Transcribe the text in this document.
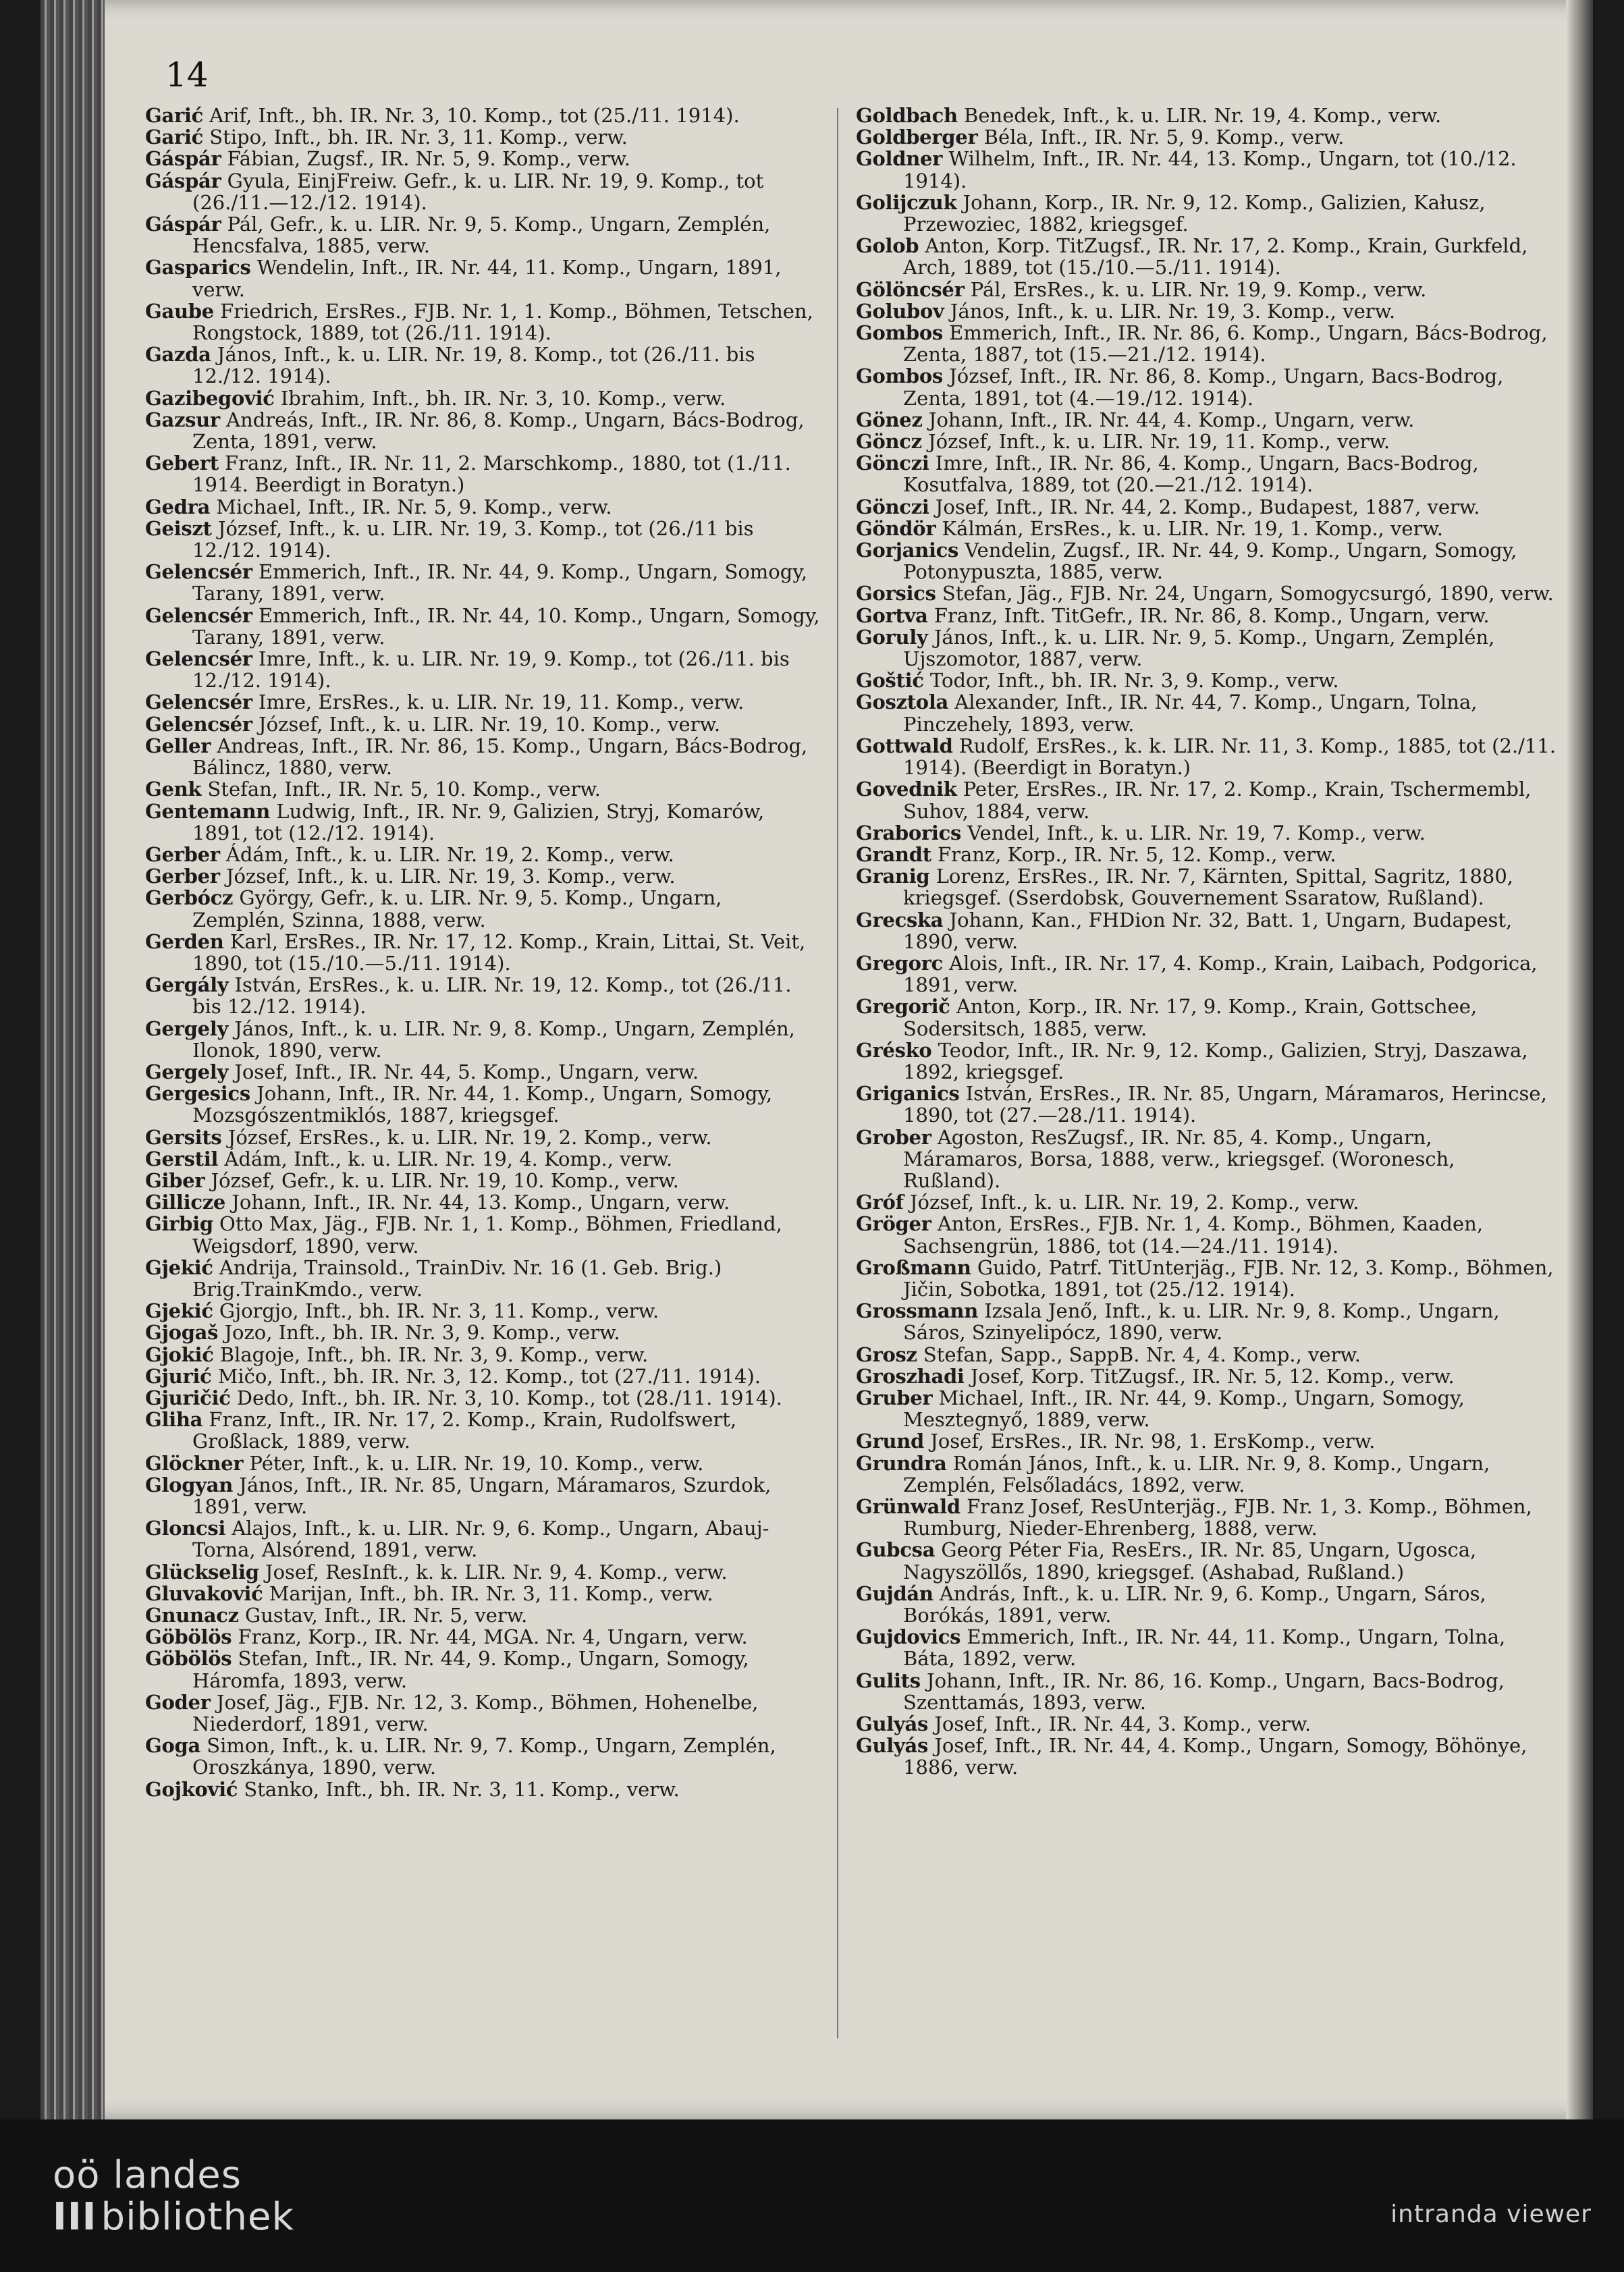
14

Garić Arif, Inft., bh. IR. Nr. 3, 10. Komp., tot (25./11. 1914).

Garić Stipo, Inft., bh. IR. Nr. 3, 11. Komp., verw.

Gáspár Fábian, Zugsf., IR. Nr. 5, 9. Komp., verw.

Gáspár Gyula, EinjFreiw. Gefr., k. u. LIR. Nr. 19, 9. Komp., tot (26./11.—12./12. 1914).

Gáspár Pál, Gefr., k. u. LIR. Nr. 9, 5. Komp., Ungarn, Zemplén, Hencsfalva, 1885, verw.

Gasparics Wendelin, Inft., IR. Nr. 44, 11. Komp., Ungarn, 1891, verw.

Gaube Friedrich, ErsRes., FJB. Nr. 1, 1. Komp., Böhmen, Tetschen, Rongstock, 1889, tot (26./11. 1914).

Gazda János, Inft., k. u. LIR. Nr. 19, 8. Komp., tot (26./11. bis 12./12. 1914).

Gazibegović Ibrahim, Inft., bh. IR. Nr. 3, 10. Komp., verw.

Gazsur Andreás, Inft., IR. Nr. 86, 8. Komp., Ungarn, Bács-Bodrog, Zenta, 1891, verw.

Gebert Franz, Inft., IR. Nr. 11, 2. Marschkomp., 1880, tot (1./11. 1914. Beerdigt in Boratyn.)

Gedra Michael, Inft., IR. Nr. 5, 9. Komp., verw.

Geiszt József, Inft., k. u. LIR. Nr. 19, 3. Komp., tot (26./11 bis 12./12. 1914).

Gelencsér Emmerich, Inft., IR. Nr. 44, 9. Komp., Ungarn, Somogy, Tarany, 1891, verw.

Gelencsér Emmerich, Inft., IR. Nr. 44, 10. Komp., Ungarn, Somogy, Tarany, 1891, verw.

Gelencsér Imre, Inft., k. u. LIR. Nr. 19, 9. Komp., tot (26./11. bis 12./12. 1914).

Gelencsér Imre, ErsRes., k. u. LIR. Nr. 19, 11. Komp., verw.

Gelencsér József, Inft., k. u. LIR. Nr. 19, 10. Komp., verw.

Geller Andreas, Inft., IR. Nr. 86, 15. Komp., Ungarn, Bács-Bodrog, Bálincz, 1880, verw.

Genk Stefan, Inft., IR. Nr. 5, 10. Komp., verw.

Gentemann Ludwig, Inft., IR. Nr. 9, Galizien, Stryj, Komarów, 1891, tot (12./12. 1914).

Gerber Ádám, Inft., k. u. LIR. Nr. 19, 2. Komp., verw.

Gerber József, Inft., k. u. LIR. Nr. 19, 3. Komp., verw.

Gerbócz György, Gefr., k. u. LIR. Nr. 9, 5. Komp., Ungarn, Zemplén, Szinna, 1888, verw.

Gerden Karl, ErsRes., IR. Nr. 17, 12. Komp., Krain, Littai, St. Veit, 1890, tot (15./10.—5./11. 1914).

Gergály István, ErsRes., k. u. LIR. Nr. 19, 12. Komp., tot (26./11. bis 12./12. 1914).

Gergely János, Inft., k. u. LIR. Nr. 9, 8. Komp., Ungarn, Zemplén, Ilonok, 1890, verw.

Gergely Josef, Inft., IR. Nr. 44, 5. Komp., Ungarn, verw.

Gergesics Johann, Inft., IR. Nr. 44, 1. Komp., Ungarn, Somogy, Mozsgószentmiklós, 1887, kriegsgef.

Gersits József, ErsRes., k. u. LIR. Nr. 19, 2. Komp., verw.

Gerstil Ádám, Inft., k. u. LIR. Nr. 19, 4. Komp., verw.

Giber József, Gefr., k. u. LIR. Nr. 19, 10. Komp., verw.

Gillicze Johann, Inft., IR. Nr. 44, 13. Komp., Ungarn, verw.

Girbig Otto Max, Jäg., FJB. Nr. 1, 1. Komp., Böhmen, Friedland, Weigsdorf, 1890, verw.

Gjekić Andrija, Trainsold., TrainDiv. Nr. 16 (1. Geb. Brig.) Brig.TrainKmdo., verw.

Gjekić Gjorgjo, Inft., bh. IR. Nr. 3, 11. Komp., verw.

Gjogaš Jozo, Inft., bh. IR. Nr. 3, 9. Komp., verw.

Gjokić Blagoje, Inft., bh. IR. Nr. 3, 9. Komp., verw.

Gjurić Mičo, Inft., bh. IR. Nr. 3, 12. Komp., tot (27./11. 1914).

Gjuričić Dedo, Inft., bh. IR. Nr. 3, 10. Komp., tot (28./11. 1914).

Gliha Franz, Inft., IR. Nr. 17, 2. Komp., Krain, Rudolfswert, Großlack, 1889, verw.

Glöckner Péter, Inft., k. u. LIR. Nr. 19, 10. Komp., verw.

Glogyan János, Inft., IR. Nr. 85, Ungarn, Máramaros, Szurdok, 1891, verw.

Gloncsi Alajos, Inft., k. u. LIR. Nr. 9, 6. Komp., Ungarn, Abauj-Torna, Alsórend, 1891, verw.

Glückselig Josef, ResInft., k. k. LIR. Nr. 9, 4. Komp., verw.

Gluvaković Marijan, Inft., bh. IR. Nr. 3, 11. Komp., verw.

Gnunacz Gustav, Inft., IR. Nr. 5, verw.

Göbölös Franz, Korp., IR. Nr. 44, MGA. Nr. 4, Ungarn, verw.

Göbölös Stefan, Inft., IR. Nr. 44, 9. Komp., Ungarn, Somogy, Háromfa, 1893, verw.

Goder Josef, Jäg., FJB. Nr. 12, 3. Komp., Böhmen, Hohenelbe, Niederdorf, 1891, verw.

Goga Simon, Inft., k. u. LIR. Nr. 9, 7. Komp., Ungarn, Zemplén, Oroszkánya, 1890, verw.

Gojković Stanko, Inft., bh. IR. Nr. 3, 11. Komp., verw.

Goldbach Benedek, Inft., k. u. LIR. Nr. 19, 4. Komp., verw.

Goldberger Béla, Inft., IR. Nr. 5, 9. Komp., verw.

Goldner Wilhelm, Inft., IR. Nr. 44, 13. Komp., Ungarn, tot (10./12. 1914).

Golijczuk Johann, Korp., IR. Nr. 9, 12. Komp., Galizien, Kałusz, Przewoziec, 1882, kriegsgef.

Golob Anton, Korp. TitZugsf., IR. Nr. 17, 2. Komp., Krain, Gurkfeld, Arch, 1889, tot (15./10.—5./11. 1914).

Gölöncsér Pál, ErsRes., k. u. LIR. Nr. 19, 9. Komp., verw.

Golubov János, Inft., k. u. LIR. Nr. 19, 3. Komp., verw.

Gombos Emmerich, Inft., IR. Nr. 86, 6. Komp., Ungarn, Bács-Bodrog, Zenta, 1887, tot (15.—21./12. 1914).

Gombos József, Inft., IR. Nr. 86, 8. Komp., Ungarn, Bacs-Bodrog, Zenta, 1891, tot (4.—19./12. 1914).

Gönez Johann, Inft., IR. Nr. 44, 4. Komp., Ungarn, verw.

Göncz József, Inft., k. u. LIR. Nr. 19, 11. Komp., verw.

Gönczi Imre, Inft., IR. Nr. 86, 4. Komp., Ungarn, Bacs-Bodrog, Kosutfalva, 1889, tot (20.—21./12. 1914).

Gönczi Josef, Inft., IR. Nr. 44, 2. Komp., Budapest, 1887, verw.

Göndör Kálmán, ErsRes., k. u. LIR. Nr. 19, 1. Komp., verw.

Gorjanics Vendelin, Zugsf., IR. Nr. 44, 9. Komp., Ungarn, Somogy, Potonypuszta, 1885, verw.

Gorsics Stefan, Jäg., FJB. Nr. 24, Ungarn, Somogycsurgó, 1890, verw.

Gortva Franz, Inft. TitGefr., IR. Nr. 86, 8. Komp., Ungarn, verw.

Goruly János, Inft., k. u. LIR. Nr. 9, 5. Komp., Ungarn, Zemplén, Ujszomotor, 1887, verw.

Goštić Todor, Inft., bh. IR. Nr. 3, 9. Komp., verw.

Gosztola Alexander, Inft., IR. Nr. 44, 7. Komp., Ungarn, Tolna, Pinczehely, 1893, verw.

Gottwald Rudolf, ErsRes., k. k. LIR. Nr. 11, 3. Komp., 1885, tot (2./11. 1914). (Beerdigt in Boratyn.)

Govednik Peter, ErsRes., IR. Nr. 17, 2. Komp., Krain, Tschermembl, Suhov, 1884, verw.

Graborics Vendel, Inft., k. u. LIR. Nr. 19, 7. Komp., verw.

Grandt Franz, Korp., IR. Nr. 5, 12. Komp., verw.

Granig Lorenz, ErsRes., IR. Nr. 7, Kärnten, Spittal, Sagritz, 1880, kriegsgef. (Sserdobsk, Gouvernement Ssaratow, Rußland).

Grecska Johann, Kan., FHDion Nr. 32, Batt. 1, Ungarn, Budapest, 1890, verw.

Gregorc Alois, Inft., IR. Nr. 17, 4. Komp., Krain, Laibach, Podgorica, 1891, verw.

Gregorič Anton, Korp., IR. Nr. 17, 9. Komp., Krain, Gottschee, Sodersitsch, 1885, verw.

Grésko Teodor, Inft., IR. Nr. 9, 12. Komp., Galizien, Stryj, Daszawa, 1892, kriegsgef.

Griganics István, ErsRes., IR. Nr. 85, Ungarn, Máramaros, Herincse, 1890, tot (27.—28./11. 1914).

Grober Agoston, ResZugsf., IR. Nr. 85, 4. Komp., Ungarn, Máramaros, Borsa, 1888, verw., kriegsgef. (Woronesch, Rußland).

Gróf József, Inft., k. u. LIR. Nr. 19, 2. Komp., verw.

Gröger Anton, ErsRes., FJB. Nr. 1, 4. Komp., Böhmen, Kaaden, Sachsengrün, 1886, tot (14.—24./11. 1914).

Großmann Guido, Patrf. TitUnterjäg., FJB. Nr. 12, 3. Komp., Böhmen, Jičin, Sobotka, 1891, tot (25./12. 1914).

Grossmann Izsala Jenő, Inft., k. u. LIR. Nr. 9, 8. Komp., Ungarn, Sáros, Szinyelipócz, 1890, verw.

Grosz Stefan, Sapp., SappB. Nr. 4, 4. Komp., verw.

Groszhadi Josef, Korp. TitZugsf., IR. Nr. 5, 12. Komp., verw.

Gruber Michael, Inft., IR. Nr. 44, 9. Komp., Ungarn, Somogy, Mesztegnyő, 1889, verw.

Grund Josef, ErsRes., IR. Nr. 98, 1. ErsKomp., verw.

Grundra Román János, Inft., k. u. LIR. Nr. 9, 8. Komp., Ungarn, Zemplén, Felsőladács, 1892, verw.

Grünwald Franz Josef, ResUnterjäg., FJB. Nr. 1, 3. Komp., Böhmen, Rumburg, Nieder-Ehrenberg, 1888, verw.

Gubcsa Georg Péter Fia, ResErs., IR. Nr. 85, Ungarn, Ugosca, Nagyszöllős, 1890, kriegsgef. (Ashabad, Rußland.)

Gujdán András, Inft., k. u. LIR. Nr. 9, 6. Komp., Ungarn, Sáros, Borókás, 1891, verw.

Gujdovics Emmerich, Inft., IR. Nr. 44, 11. Komp., Ungarn, Tolna, Báta, 1892, verw.

Gulits Johann, Inft., IR. Nr. 86, 16. Komp., Ungarn, Bacs-Bodrog, Szenttamás, 1893, verw.

Gulyás Josef, Inft., IR. Nr. 44, 3. Komp., verw.

Gulyás Josef, Inft., IR. Nr. 44, 4. Komp., Ungarn, Somogy, Böhönye, 1886, verw.

oö landes
III bibliothek	intranda viewer
